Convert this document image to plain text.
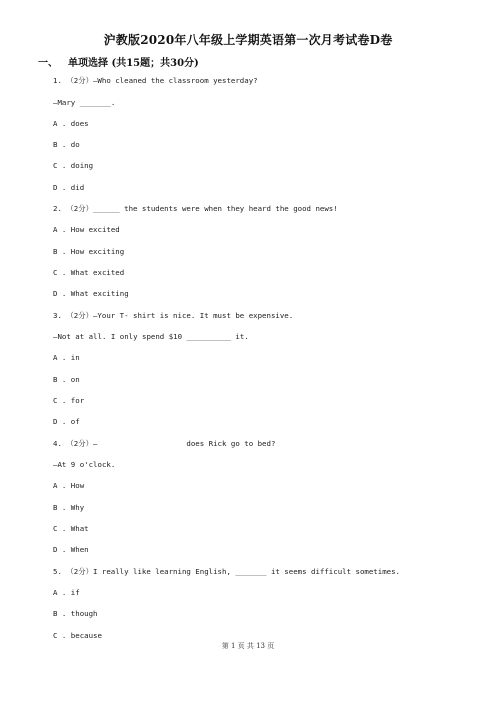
沪教版2020年八年级上学期英语第一次月考试卷D卷
一、 单项选择 (共15题；共30分)
1. （2分）—Who cleaned the classroom yesterday?
—Mary _______.
A . does
B . do
C . doing
D . did
2. （2分）______ the students were when they heard the good news!
A . How excited
B . How exciting
C . What excited
D . What exciting
3. （2分）—Your T- shirt is nice. It must be expensive.
—Not at all. I only spend $10 __________ it.
A . in
B . on
C . for
D . of
4. （2分）—                    does Rick go to bed?
—At 9 o'clock.
A . How
B . Why
C . What
D . When
5. （2分）I really like learning English, _______ it seems difficult sometimes.
A . if
B . though
C . because
第 1 页 共 13 页
